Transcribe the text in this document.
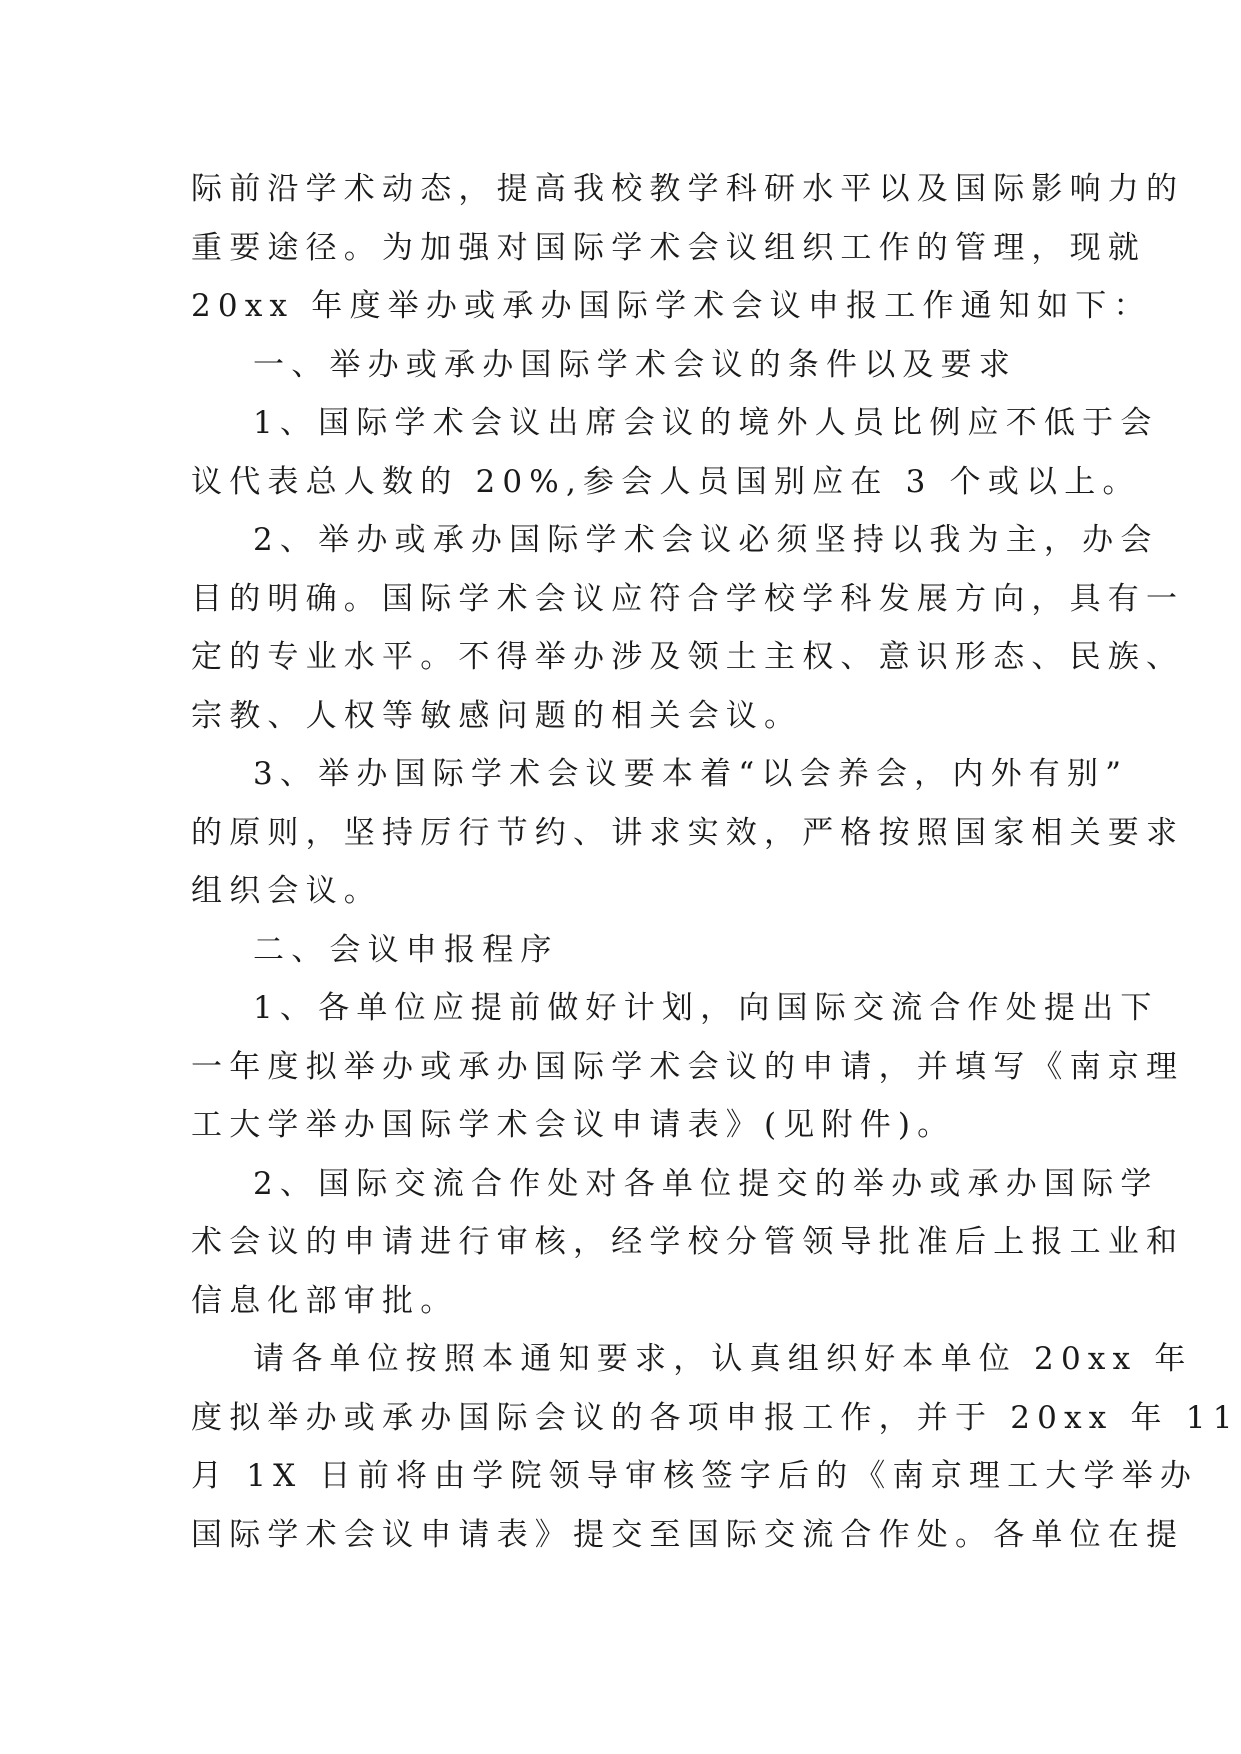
际前沿学术动态，提高我校教学科研水平以及国际影响力的
重要途径。为加强对国际学术会议组织工作的管理，现就
20xx 年度举办或承办国际学术会议申报工作通知如下：
一、举办或承办国际学术会议的条件以及要求
1、国际学术会议出席会议的境外人员比例应不低于会
议代表总人数的 20%,参会人员国别应在 3 个或以上。
2、举办或承办国际学术会议必须坚持以我为主，办会
目的明确。国际学术会议应符合学校学科发展方向，具有一
定的专业水平。不得举办涉及领土主权、意识形态、民族、
宗教、人权等敏感问题的相关会议。
3、举办国际学术会议要本着“以会养会，内外有别”
的原则，坚持厉行节约、讲求实效，严格按照国家相关要求
组织会议。
二、会议申报程序
1、各单位应提前做好计划，向国际交流合作处提出下
一年度拟举办或承办国际学术会议的申请，并填写《南京理
工大学举办国际学术会议申请表》(见附件)。
2、国际交流合作处对各单位提交的举办或承办国际学
术会议的申请进行审核，经学校分管领导批准后上报工业和
信息化部审批。
请各单位按照本通知要求，认真组织好本单位 20xx 年
度拟举办或承办国际会议的各项申报工作，并于 20xx 年 11
月 1X 日前将由学院领导审核签字后的《南京理工大学举办
国际学术会议申请表》提交至国际交流合作处。各单位在提
